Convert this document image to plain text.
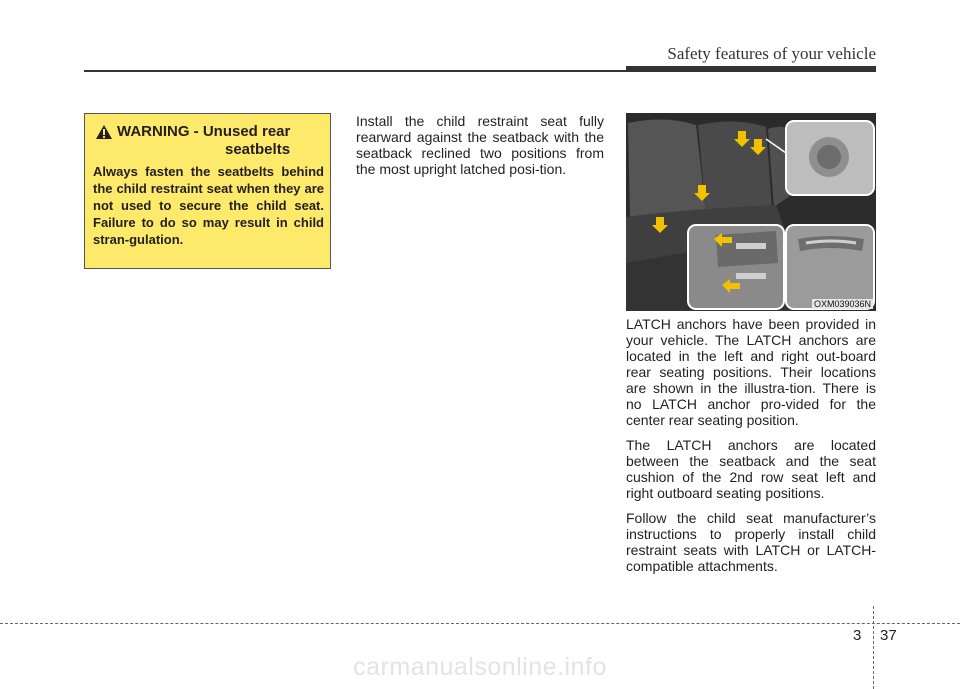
Safety features of your vehicle
WARNING - Unused rear
seatbelts
Always fasten the seatbelts behind the child restraint seat when they are not used to secure the child seat. Failure to do so may result in child stran-gulation.

Install the child restraint seat fully rearward against the seatback with the seatback reclined two positions from the most upright latched posi-tion.

OXM039036N

LATCH anchors have been provided in your vehicle. The LATCH anchors are located in the left and right out-board rear seating positions. Their locations are shown in the illustra-tion. There is no LATCH anchor pro-vided for the center rear seating position.

The LATCH anchors are located between the seatback and the seat cushion of the 2nd row seat left and right outboard seating positions.

Follow the child seat manufacturer’s instructions to properly install child restraint seats with LATCH or LATCH-compatible attachments.

3 37
carmanualsonline.info
